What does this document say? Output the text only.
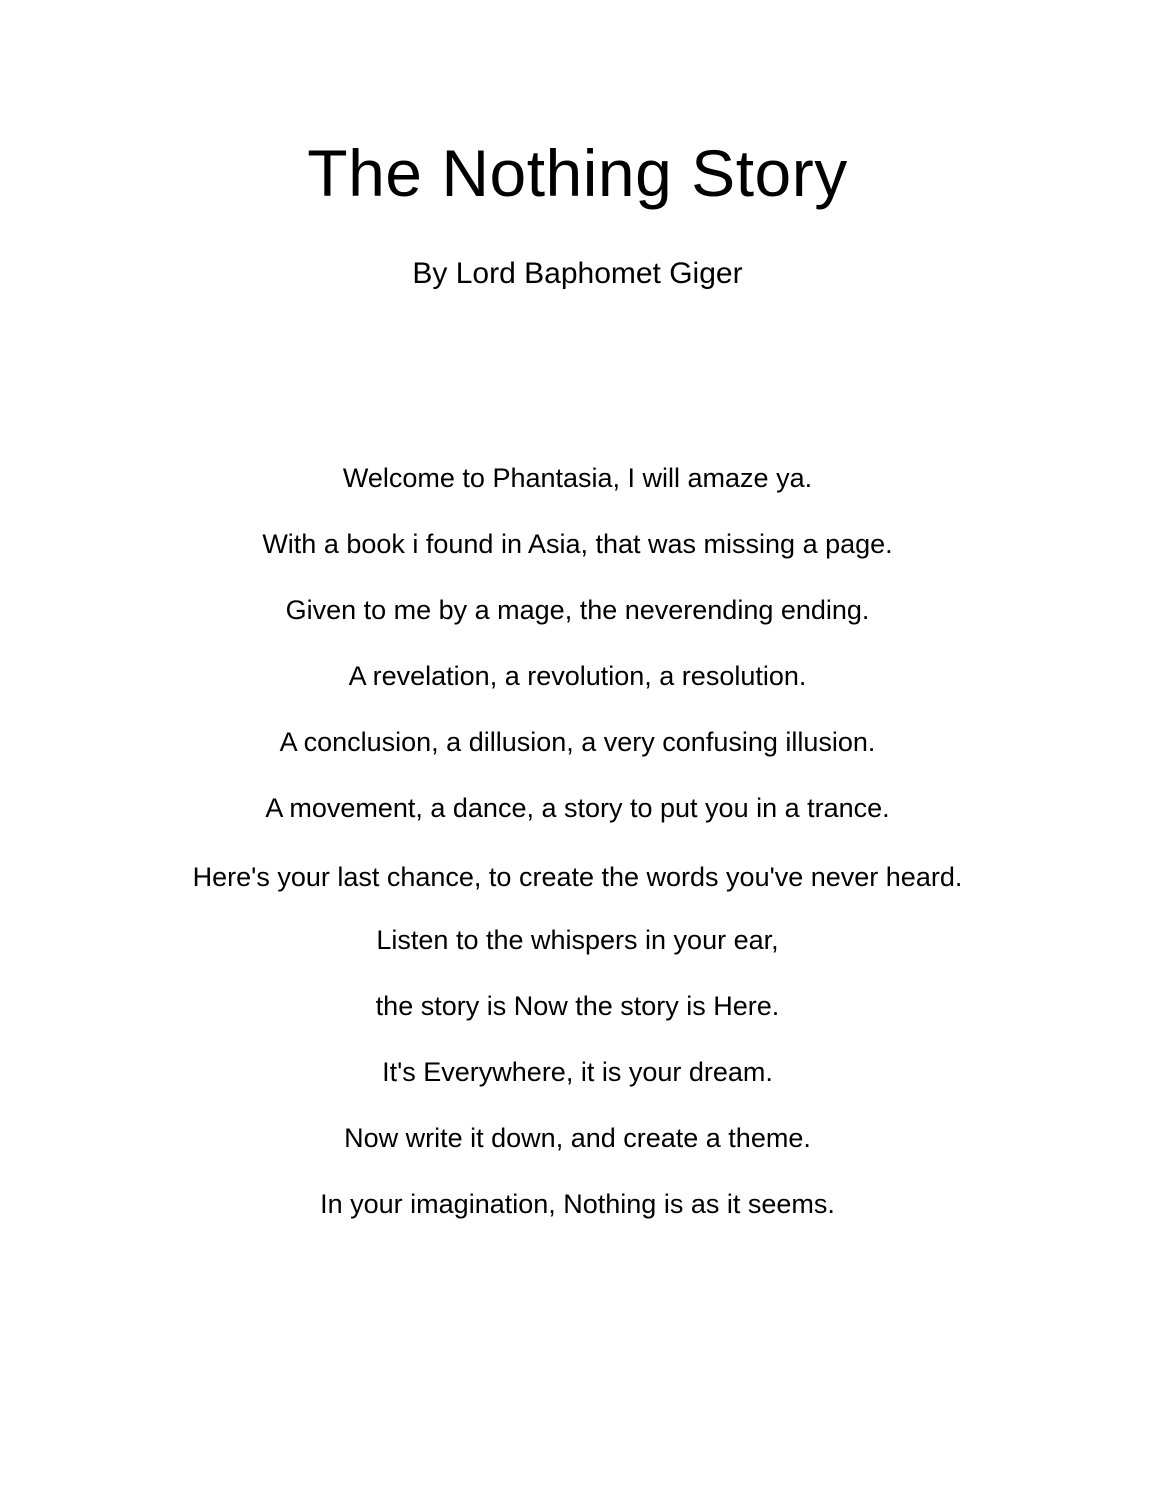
The Nothing Story

By Lord Baphomet Giger

Welcome to Phantasia, I will amaze ya.

With a book i found in Asia, that was missing a page.

Given to me by a mage, the neverending ending.

A revelation, a revolution, a resolution.

A conclusion, a dillusion, a very confusing illusion.

A movement, a dance, a story to put you in a trance.

Here's your last chance, to create the words you've never heard.

Listen to the whispers in your ear,

the story is Now the story is Here.

It's Everywhere, it is your dream.

Now write it down, and create a theme.

In your imagination, Nothing is as it seems.
